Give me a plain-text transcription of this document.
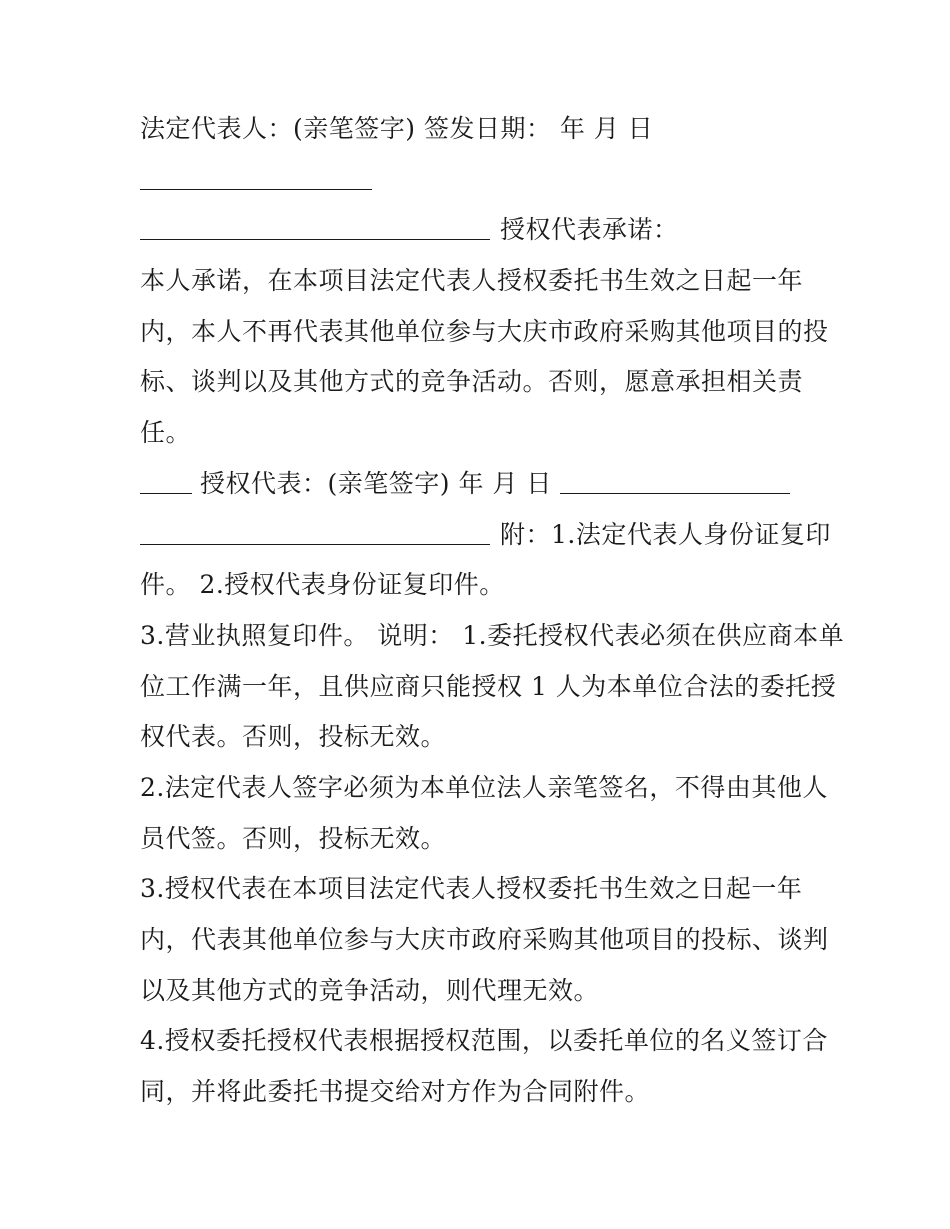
法定代表人：(亲笔签字) 签发日期： 年 月 日
授权代表承诺：
本人承诺，在本项目法定代表人授权委托书生效之日起一年
内，本人不再代表其他单位参与大庆市政府采购其他项目的投
标、谈判以及其他方式的竞争活动。否则，愿意承担相关责
任。
授权代表：(亲笔签字) 年 月 日
附：1.法定代表人身份证复印
件。 2.授权代表身份证复印件。
3.营业执照复印件。 说明： 1.委托授权代表必须在供应商本单
位工作满一年，且供应商只能授权 1 人为本单位合法的委托授
权代表。否则，投标无效。
2.法定代表人签字必须为本单位法人亲笔签名，不得由其他人
员代签。否则，投标无效。
3.授权代表在本项目法定代表人授权委托书生效之日起一年
内，代表其他单位参与大庆市政府采购其他项目的投标、谈判
以及其他方式的竞争活动，则代理无效。
4.授权委托授权代表根据授权范围，以委托单位的名义签订合
同，并将此委托书提交给对方作为合同附件。
